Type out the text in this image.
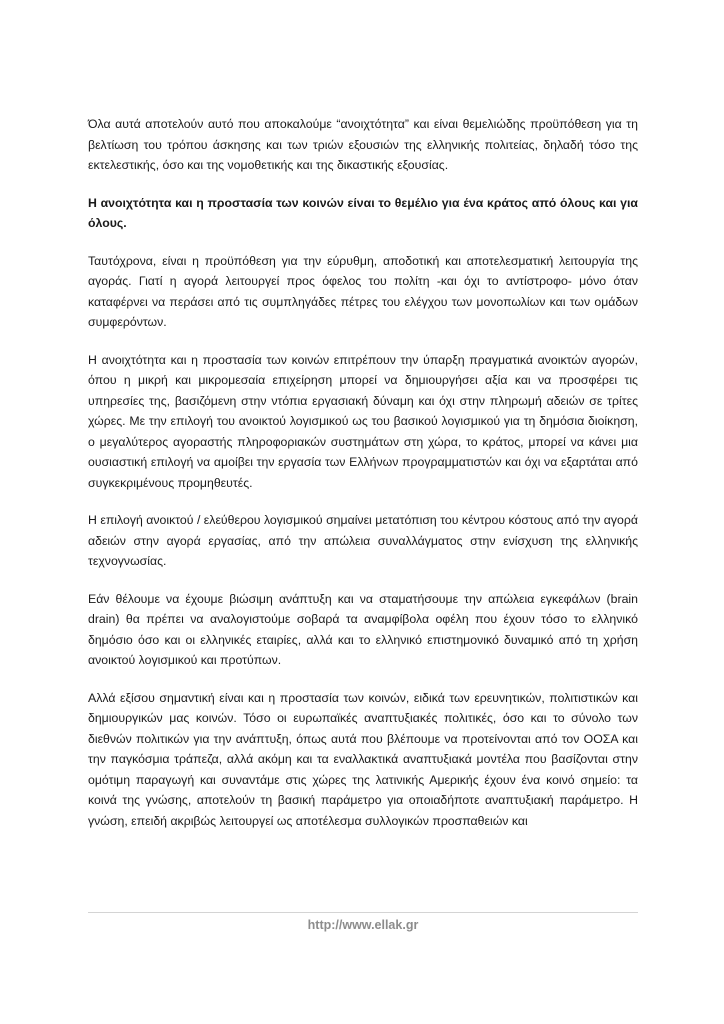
Όλα αυτά αποτελούν αυτό που αποκαλούμε “ανοιχτότητα” και είναι θεμελιώδης προϋπόθεση για τη βελτίωση του τρόπου άσκησης και των τριών εξουσιών της ελληνικής πολιτείας, δηλαδή τόσο της εκτελεστικής, όσο και της νομοθετικής και της δικαστικής εξουσίας.

Η ανοιχτότητα και η προστασία των κοινών είναι το θεμέλιο για ένα κράτος από όλους και για όλους.

Ταυτόχρονα, είναι η προϋπόθεση για την εύρυθμη, αποδοτική και αποτελεσματική λειτουργία της αγοράς. Γιατί η αγορά λειτουργεί προς όφελος του πολίτη -και όχι το αντίστροφο- μόνο όταν καταφέρνει να περάσει από τις συμπληγάδες πέτρες του ελέγχου των μονοπωλίων και των ομάδων συμφερόντων.

Η ανοιχτότητα και η προστασία των κοινών επιτρέπουν την ύπαρξη πραγματικά ανοικτών αγορών, όπου η μικρή και μικρομεσαία επιχείρηση μπορεί να δημιουργήσει αξία και να προσφέρει τις υπηρεσίες της, βασιζόμενη στην ντόπια εργασιακή δύναμη και όχι στην πληρωμή αδειών σε τρίτες χώρες. Με την επιλογή του ανοικτού λογισμικού ως του βασικού λογισμικού για τη δημόσια διοίκηση, ο μεγαλύτερος αγοραστής πληροφοριακών συστημάτων στη χώρα, το κράτος, μπορεί να κάνει μια ουσιαστική επιλογή να αμοίβει την εργασία των Ελλήνων προγραμματιστών και όχι να εξαρτάται από συγκεκριμένους προμηθευτές.

Η επιλογή ανοικτού / ελεύθερου λογισμικού σημαίνει μετατόπιση του κέντρου κόστους από την αγορά αδειών στην αγορά εργασίας, από την απώλεια συναλλάγματος στην ενίσχυση της ελληνικής τεχνογνωσίας.

Εάν θέλουμε να έχουμε βιώσιμη ανάπτυξη και να σταματήσουμε την απώλεια εγκεφάλων (brain drain) θα πρέπει να αναλογιστούμε σοβαρά τα αναμφίβολα οφέλη που έχουν τόσο το ελληνικό δημόσιο όσο και οι ελληνικές εταιρίες, αλλά και το ελληνικό επιστημονικό δυναμικό από τη χρήση ανοικτού λογισμικού και προτύπων.

Αλλά εξίσου σημαντική είναι και η προστασία των κοινών, ειδικά των ερευνητικών, πολιτιστικών και δημιουργικών μας κοινών. Τόσο οι ευρωπαϊκές αναπτυξιακές πολιτικές, όσο και το σύνολο των διεθνών πολιτικών για την ανάπτυξη, όπως αυτά που βλέπουμε να προτείνονται από τον ΟΟΣΑ και την παγκόσμια τράπεζα, αλλά ακόμη και τα εναλλακτικά αναπτυξιακά μοντέλα που βασίζονται στην ομότιμη παραγωγή και συναντάμε στις χώρες της λατινικής Αμερικής έχουν ένα κοινό σημείο: τα κοινά της γνώσης, αποτελούν τη βασική παράμετρο για οποιαδήποτε αναπτυξιακή παράμετρο. Η γνώση, επειδή ακριβώς λειτουργεί ως αποτέλεσμα συλλογικών προσπαθειών και

http://www.ellak.gr
